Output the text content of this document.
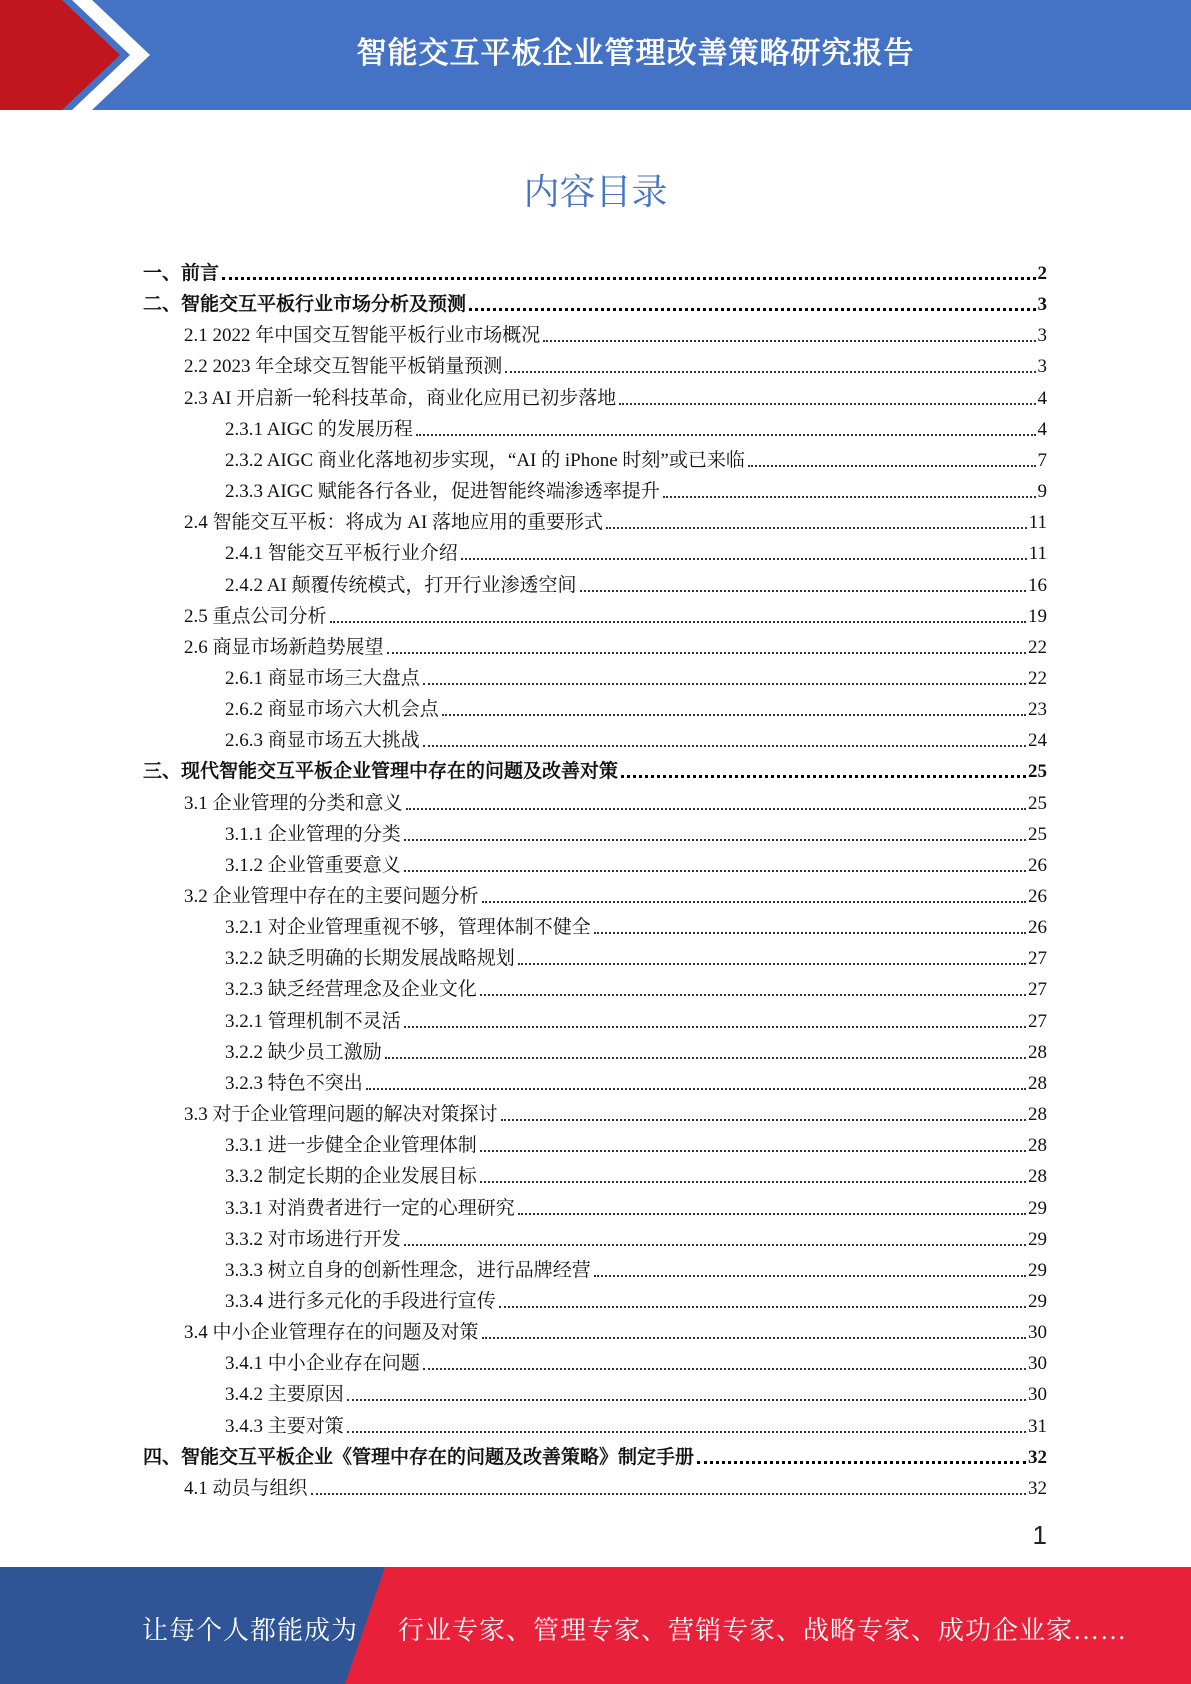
智能交互平板企业管理改善策略研究报告
内容目录
一、前言	2
二、智能交互平板行业市场分析及预测	3
2.1 2022 年中国交互智能平板行业市场概况	3
2.2 2023 年全球交互智能平板销量预测	3
2.3 AI 开启新一轮科技革命，商业化应用已初步落地	4
2.3.1 AIGC 的发展历程	4
2.3.2 AIGC 商业化落地初步实现，“AI 的 iPhone 时刻”或已来临	7
2.3.3 AIGC 赋能各行各业，促进智能终端渗透率提升	9
2.4 智能交互平板：将成为 AI 落地应用的重要形式	11
2.4.1 智能交互平板行业介绍	11
2.4.2 AI 颠覆传统模式，打开行业渗透空间	16
2.5 重点公司分析	19
2.6 商显市场新趋势展望	22
2.6.1 商显市场三大盘点	22
2.6.2 商显市场六大机会点	23
2.6.3 商显市场五大挑战	24
三、现代智能交互平板企业管理中存在的问题及改善对策	25
3.1 企业管理的分类和意义	25
3.1.1 企业管理的分类	25
3.1.2 企业管重要意义	26
3.2 企业管理中存在的主要问题分析	26
3.2.1 对企业管理重视不够，管理体制不健全	26
3.2.2 缺乏明确的长期发展战略规划	27
3.2.3 缺乏经营理念及企业文化	27
3.2.1 管理机制不灵活	27
3.2.2 缺少员工激励	28
3.2.3 特色不突出	28
3.3 对于企业管理问题的解决对策探讨	28
3.3.1 进一步健全企业管理体制	28
3.3.2 制定长期的企业发展目标	28
3.3.1 对消费者进行一定的心理研究	29
3.3.2 对市场进行开发	29
3.3.3 树立自身的创新性理念，进行品牌经营	29
3.3.4 进行多元化的手段进行宣传	29
3.4 中小企业管理存在的问题及对策	30
3.4.1 中小企业存在问题	30
3.4.2 主要原因	30
3.4.3 主要对策	31
四、智能交互平板企业《管理中存在的问题及改善策略》制定手册	32
4.1 动员与组织	32
1
让每个人都能成为 行业专家、管理专家、营销专家、战略专家、成功企业家……
